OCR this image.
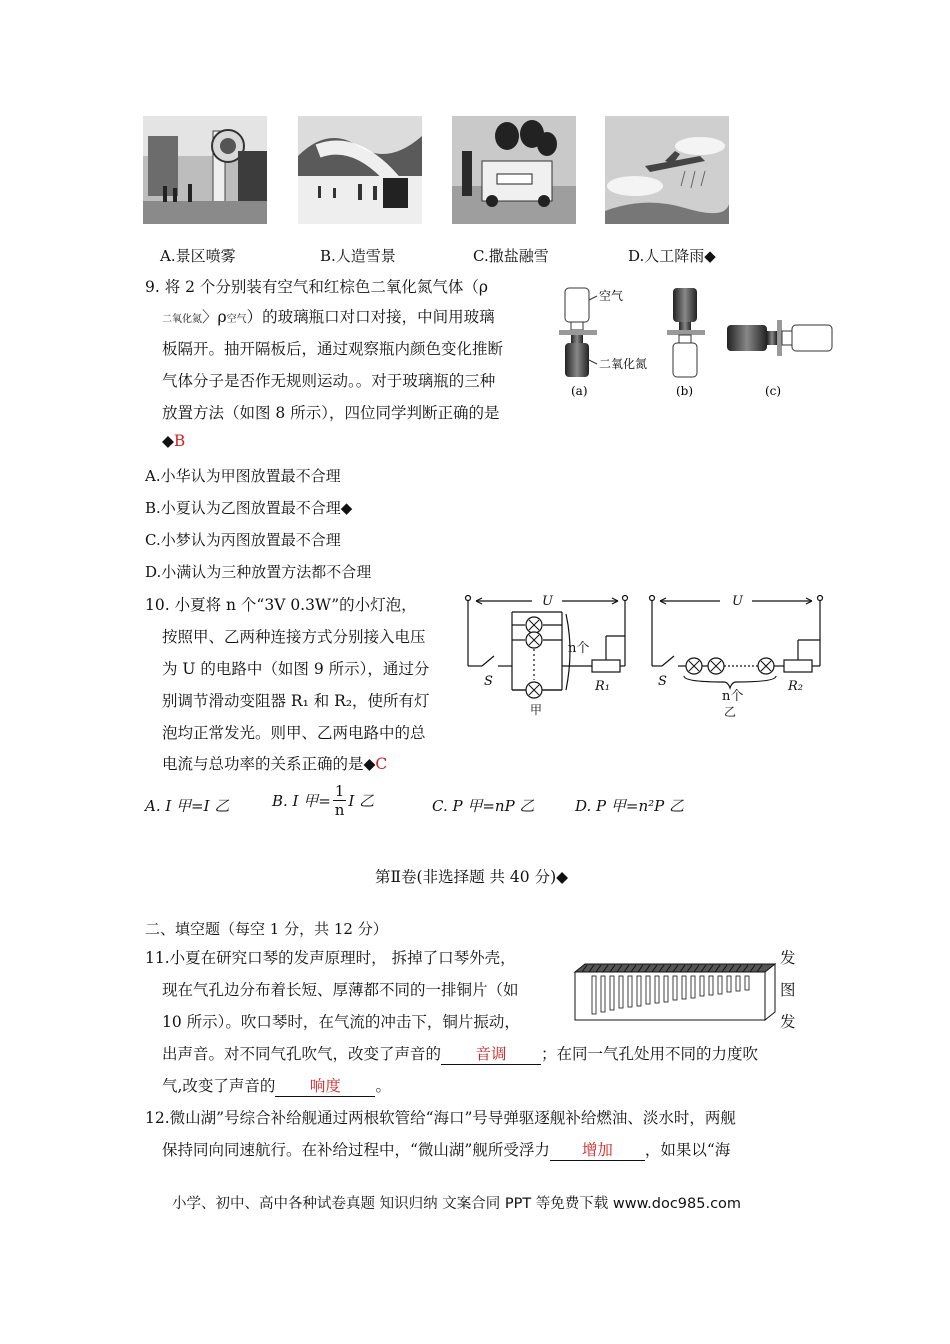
A.景区喷雾	B.人造雪景	C.撒盐融雪	D.人工降雨◆
9. 将 2 个分别装有空气和红棕色二氧化氮气体（ρ
二氧化氮〉ρ空气）的玻璃瓶口对口对接，中间用玻璃
板隔开。抽开隔板后，通过观察瓶内颜色变化推断
气体分子是否作无规则运动。。对于玻璃瓶的三种
放置方法（如图 8 所示），四位同学判断正确的是
◆B
A.小华认为甲图放置最不合理
B.小夏认为乙图放置最不合理◆
C.小梦认为丙图放置最不合理
D.小满认为三种放置方法都不合理
空气
二氧化氮
(a)	(b)	(c)
10. 小夏将 n 个“3V 0.3W”的小灯泡，
按照甲、乙两种连接方式分别接入电压
为 U 的电路中（如图 9 所示），通过分
别调节滑动变阻器 R₁ 和 R₂，使所有灯
泡均正常发光。则甲、乙两电路中的总
电流与总功率的关系正确的是◆C
A. I 甲=I 乙	B. I 甲= $\frac{1}{n}$ I 乙	C. P 甲=nP 乙	D. P 甲=n²P 乙
U	U
S	S
R₁	R₂
n个
n个
甲	乙
第Ⅱ卷(非选择题 共 40 分)◆
二、填空题（每空 1 分，共 12 分）
11.小夏在研究口琴的发声原理时， 拆掉了口琴外壳，
现在气孔边分布着长短、厚薄都不同的一排铜片（如
10 所示）。吹口琴时，在气流的冲击下，铜片振动，
发
图
发
出声音。对不同气孔吹气，改变了声音的 音调 ；在同一气孔处用不同的力度吹
气,改变了声音的 响度 。
12.微山湖”号综合补给舰通过两根软管给“海口”号导弹驱逐舰补给燃油、淡水时，两舰
保持同向同速航行。在补给过程中，“微山湖”舰所受浮力 增加 ，如果以“海
小学、初中、高中各种试卷真题 知识归纳 文案合同 PPT 等免费下载 www.doc985.com
